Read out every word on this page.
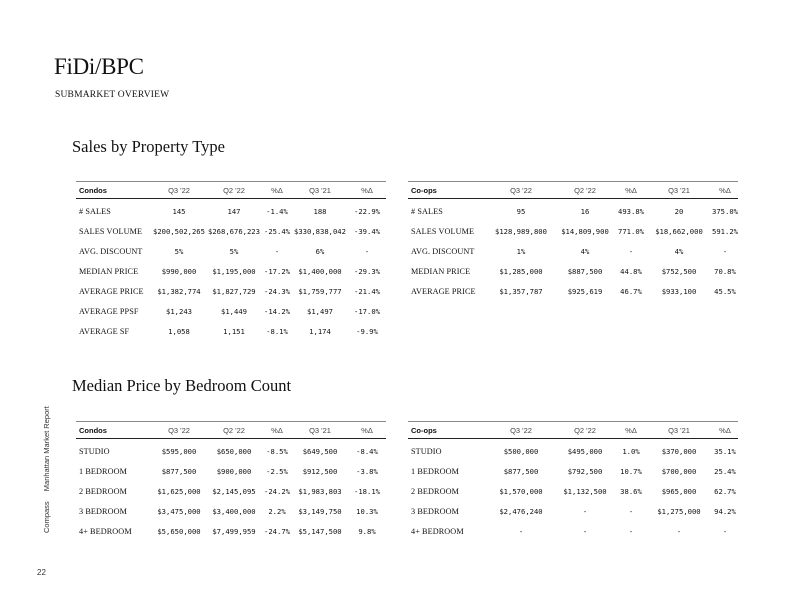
FiDi/BPC
SUBMARKET OVERVIEW
Sales by Property Type
Condos	Q3 '22	Q2 '22	%Δ	Q3 '21	%Δ
# SALES	145	147	-1.4%	188	-22.9%
SALES VOLUME	$200,502,265	$268,676,223	-25.4%	$330,838,042	-39.4%
AVG. DISCOUNT	5%	5%	-	6%	-
MEDIAN PRICE	$990,000	$1,195,000	-17.2%	$1,400,000	-29.3%
AVERAGE PRICE	$1,382,774	$1,827,729	-24.3%	$1,759,777	-21.4%
AVERAGE PPSF	$1,243	$1,449	-14.2%	$1,497	-17.0%
AVERAGE SF	1,058	1,151	-8.1%	1,174	-9.9%
Co-ops	Q3 '22	Q2 '22	%Δ	Q3 '21	%Δ
# SALES	95	16	493.8%	20	375.0%
SALES VOLUME	$128,989,800	$14,809,900	771.0%	$18,662,000	591.2%
AVG. DISCOUNT	1%	4%	-	4%	-
MEDIAN PRICE	$1,285,000	$887,500	44.8%	$752,500	70.8%
AVERAGE PRICE	$1,357,787	$925,619	46.7%	$933,100	45.5%
Median Price by Bedroom Count
Condos	Q3 '22	Q2 '22	%Δ	Q3 '21	%Δ
STUDIO	$595,000	$650,000	-8.5%	$649,500	-8.4%
1 BEDROOM	$877,500	$900,000	-2.5%	$912,500	-3.8%
2 BEDROOM	$1,625,000	$2,145,095	-24.2%	$1,983,803	-18.1%
3 BEDROOM	$3,475,000	$3,400,000	2.2%	$3,149,750	10.3%
4+ BEDROOM	$5,650,000	$7,499,959	-24.7%	$5,147,500	9.8%
Co-ops	Q3 '22	Q2 '22	%Δ	Q3 '21	%Δ
STUDIO	$500,000	$495,000	1.0%	$370,000	35.1%
1 BEDROOM	$877,500	$792,500	10.7%	$700,000	25.4%
2 BEDROOM	$1,570,000	$1,132,500	38.6%	$965,000	62.7%
3 BEDROOM	$2,476,240	-	-	$1,275,000	94.2%
4+ BEDROOM	-	-	-	-	-
Compass Manhattan Market Report
22
